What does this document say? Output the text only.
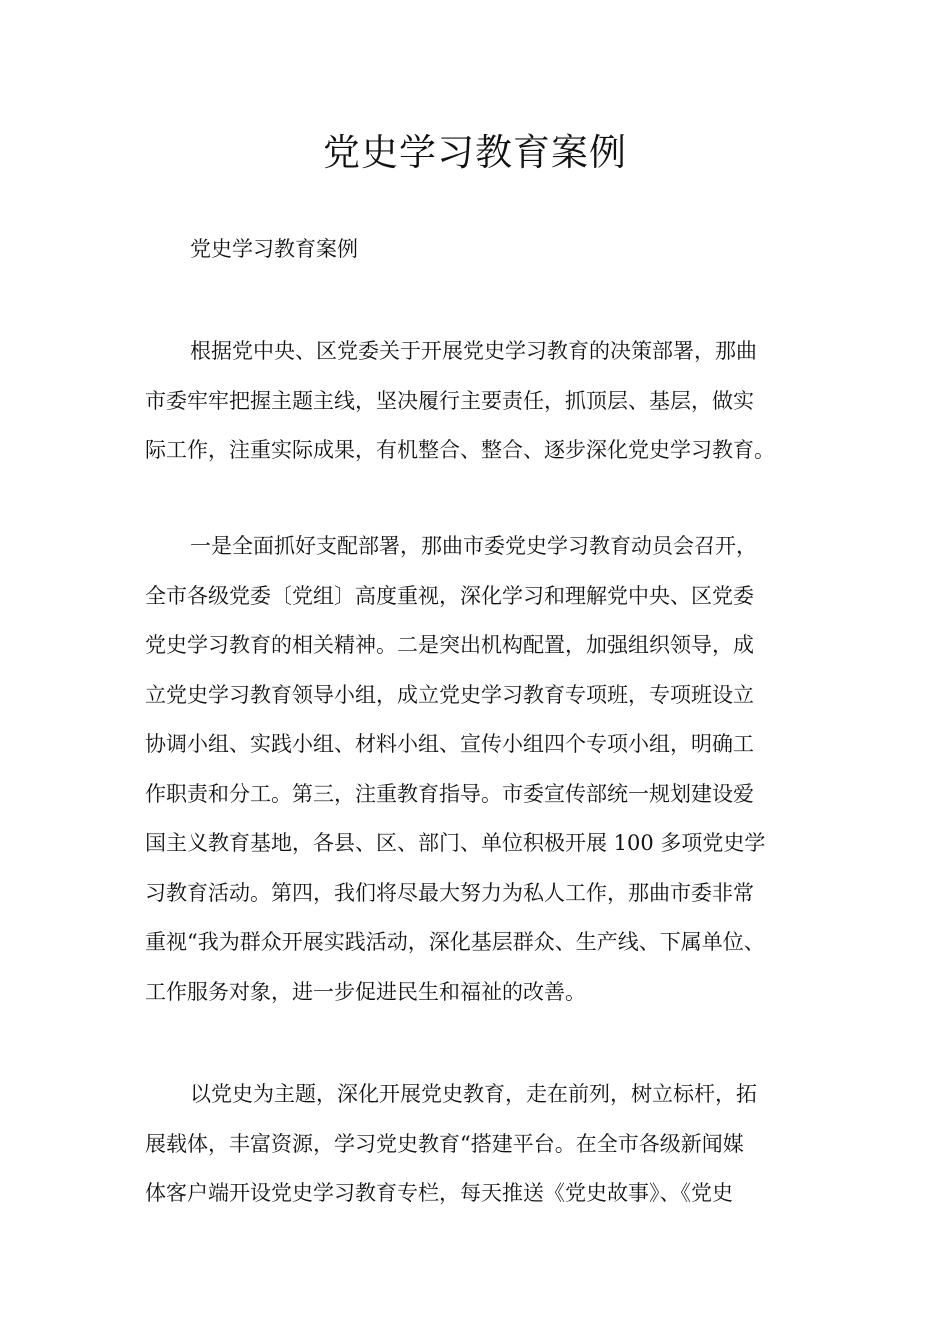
党史学习教育案例

党史学习教育案例

根据党中央、区党委关于开展党史学习教育的决策部署，那曲
市委牢牢把握主题主线，坚决履行主要责任，抓顶层、基层，做实
际工作，注重实际成果，有机整合、整合、逐步深化党史学习教育。
一是全面抓好支配部署，那曲市委党史学习教育动员会召开，
全市各级党委〔党组〕高度重视，深化学习和理解党中央、区党委
党史学习教育的相关精神。二是突出机构配置，加强组织领导，成
立党史学习教育领导小组，成立党史学习教育专项班，专项班设立
协调小组、实践小组、材料小组、宣传小组四个专项小组，明确工
作职责和分工。第三，注重教育指导。市委宣传部统一规划建设爱
国主义教育基地，各县、区、部门、单位积极开展 100 多项党史学
习教育活动。第四，我们将尽最大努力为私人工作，那曲市委非常
重视“我为群众开展实践活动，深化基层群众、生产线、下属单位、
工作服务对象，进一步促进民生和福祉的改善。
以党史为主题，深化开展党史教育，走在前列，树立标杆，拓
展载体，丰富资源，学习党史教育“搭建平台。在全市各级新闻媒
体客户端开设党史学习教育专栏，每天推送《党史故事》、《党史
